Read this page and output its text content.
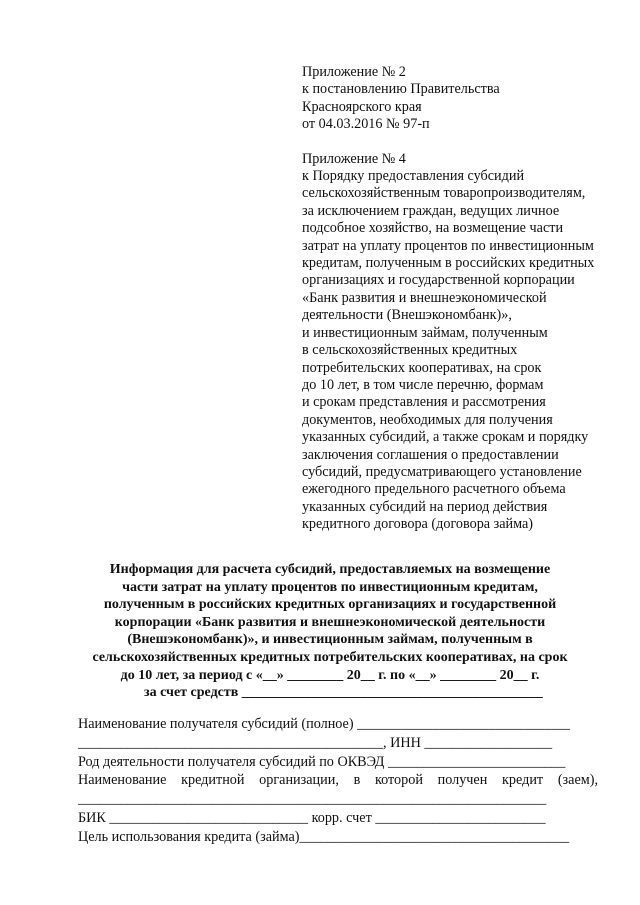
Приложение № 2
к постановлению Правительства
Красноярского края
от 04.03.2016 № 97-п
Приложение № 4
к Порядку предоставления субсидий
сельскохозяйственным товаропроизводителям,
за исключением граждан, ведущих личное
подсобное хозяйство, на возмещение части
затрат на уплату процентов по инвестиционным
кредитам, полученным в российских кредитных
организациях и государственной корпорации
«Банк развития и внешнеэкономической
деятельности (Внешэкономбанк)»,
и инвестиционным займам, полученным
в сельскохозяйственных кредитных
потребительских кооперативах, на срок
до 10 лет, в том числе перечню, формам
и срокам представления и рассмотрения
документов, необходимых для получения
указанных субсидий, а также срокам и порядку
заключения соглашения о предоставлении
субсидий, предусматривающего установление
ежегодного предельного расчетного объема
указанных субсидий на период действия
кредитного договора (договора займа)
Информация для расчета субсидий, предоставляемых на возмещение
части затрат на уплату процентов по инвестиционным кредитам,
полученным в российских кредитных организациях и государственной
корпорации «Банк развития и внешнеэкономической деятельности
(Внешэкономбанк)», и инвестиционным займам, полученным в
сельскохозяйственных кредитных потребительских кооперативах, на срок
до 10 лет, за период с «__» ________ 20__ г. по «__» ________ 20__ г.
за счет средств ___________________________________________
Наименование получателя субсидий (полное) ______________________________
___________________________________________, ИНН __________________
Род деятельности получателя субсидий по ОКВЭД _________________________
Наименование кредитной организации, в которой получен кредит (заем),
__________________________________________________________________
БИК ____________________________ корр. счет ________________________
Цель использования кредита (займа)______________________________________
